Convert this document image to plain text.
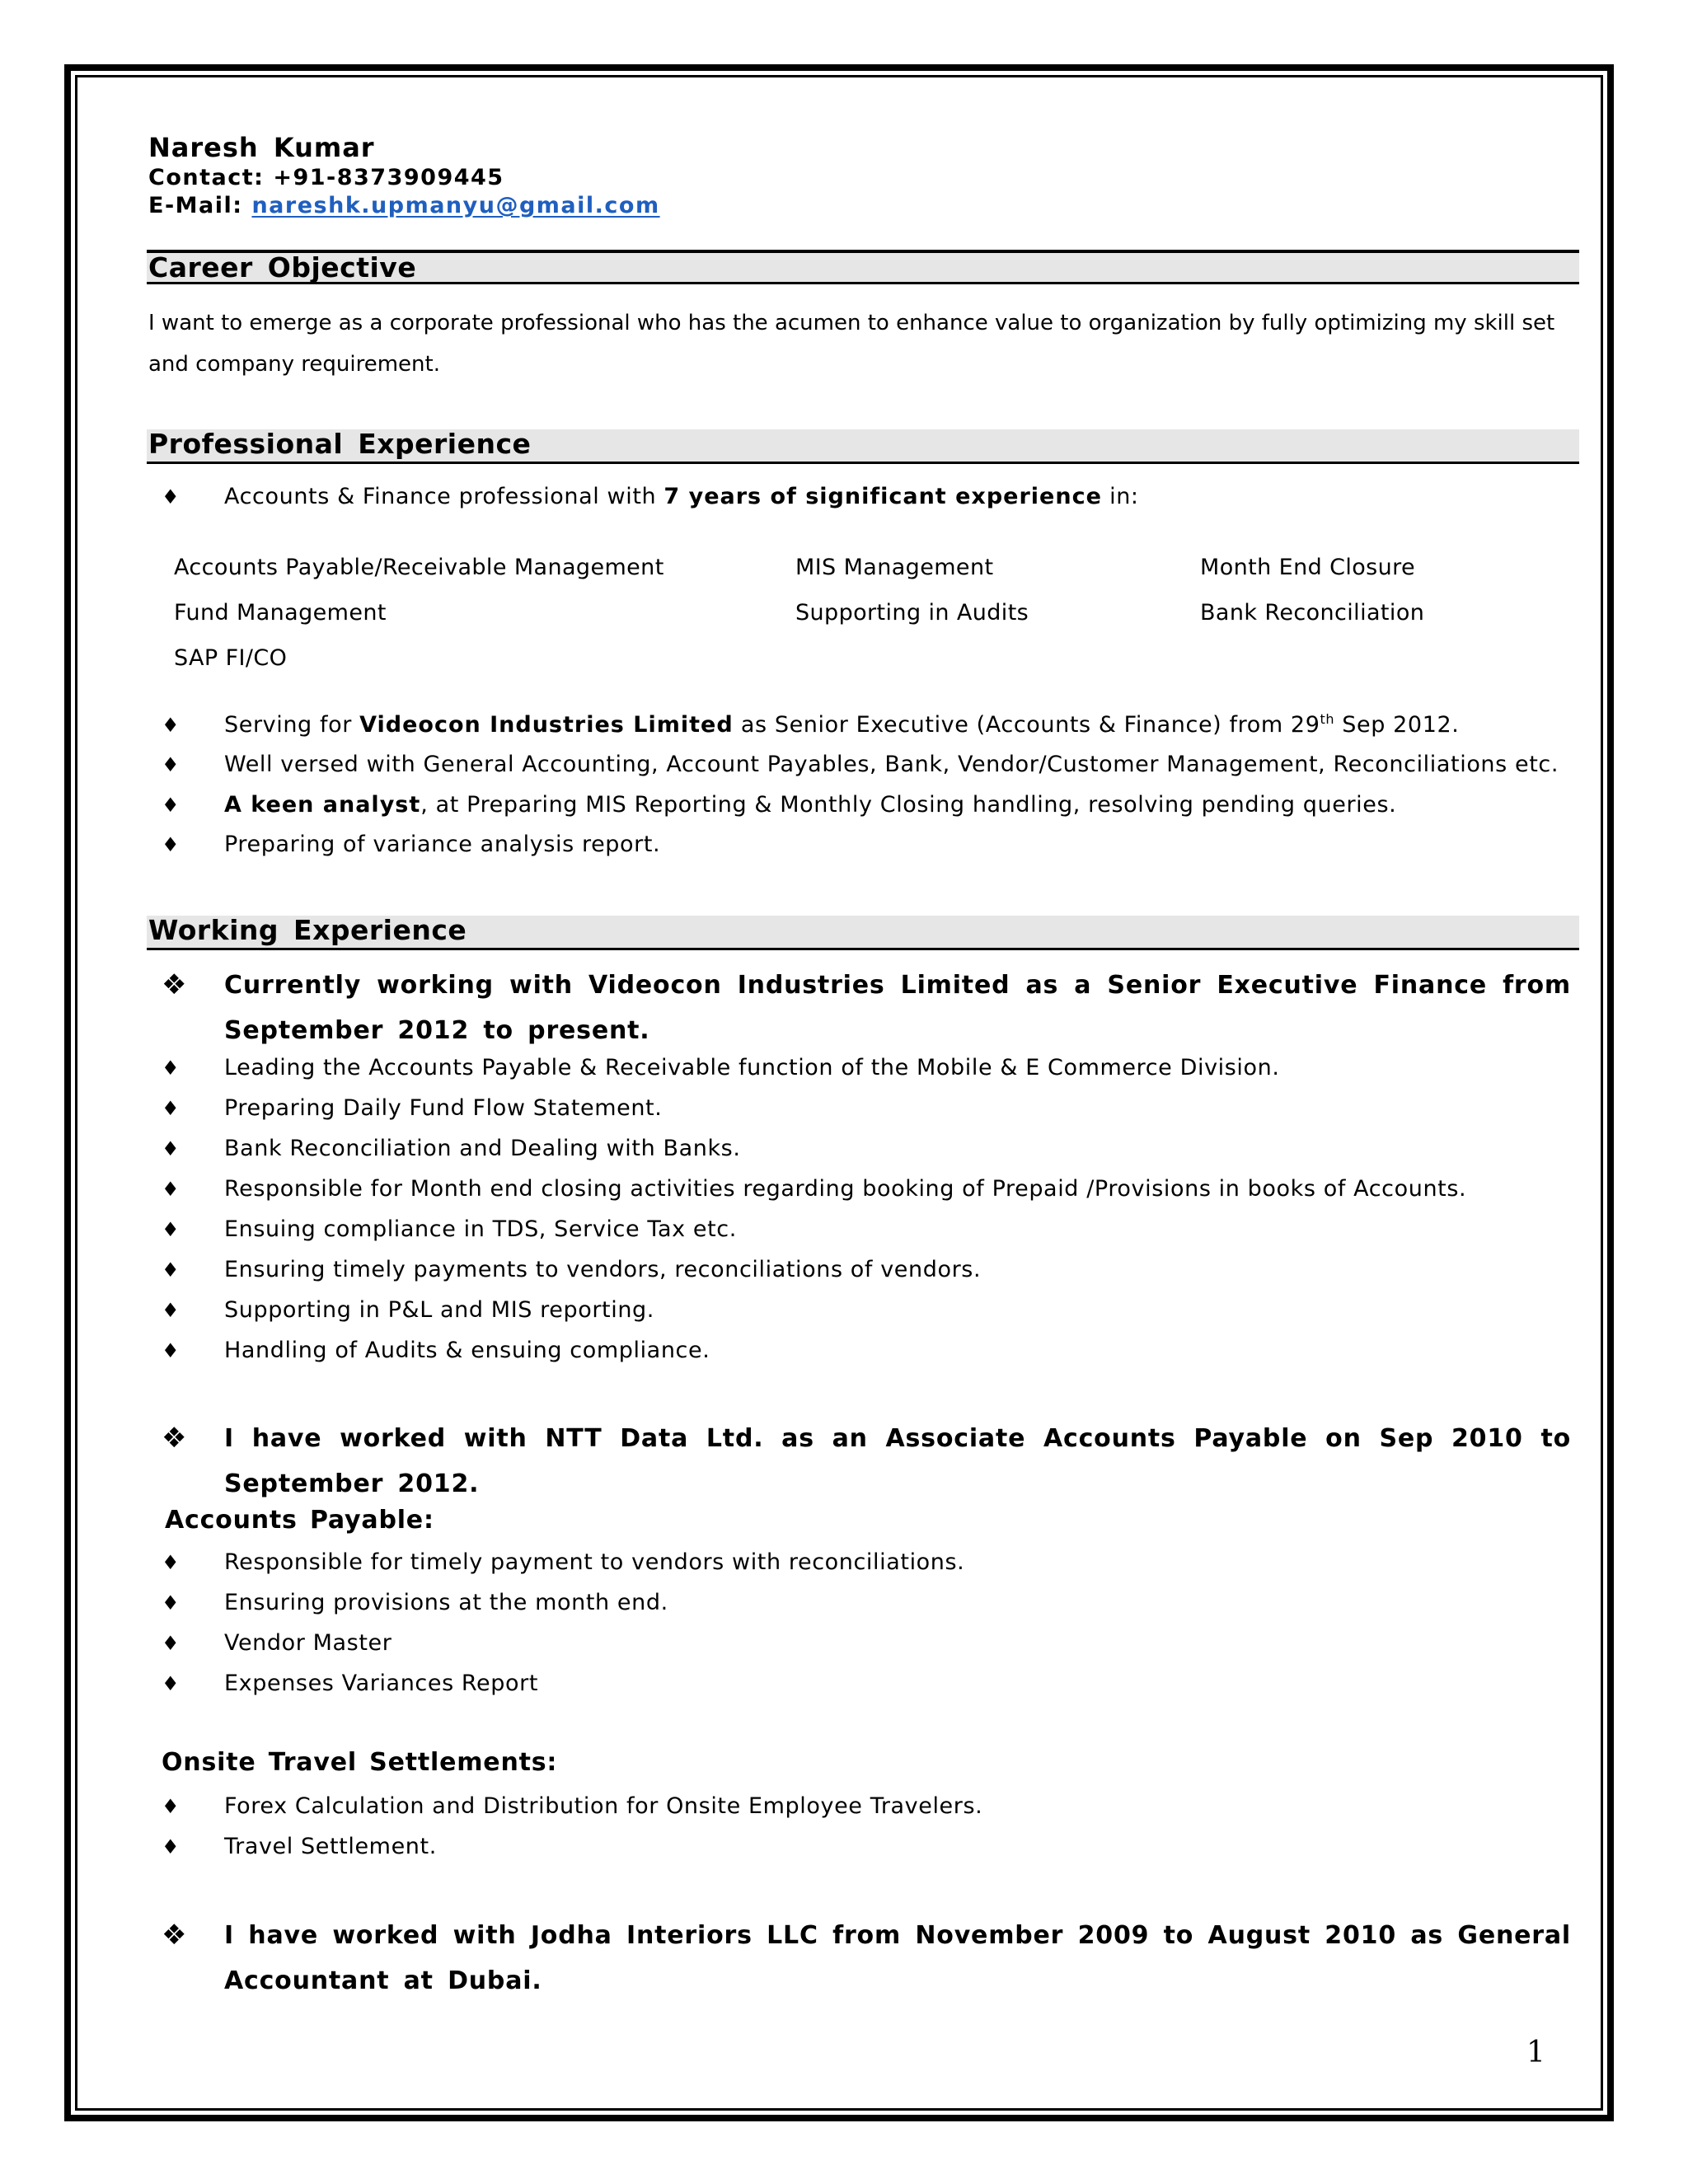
Naresh Kumar
Contact: +91-8373909445
E-Mail: nareshk.upmanyu@gmail.com
Career Objective
I want to emerge as a corporate professional who has the acumen to enhance value to organization by fully optimizing my skill set and company requirement.
Professional Experience
♦ Accounts & Finance professional with 7 years of significant experience in:
Accounts Payable/Receivable Management	MIS Management	Month End Closure
Fund Management	Supporting in Audits	Bank Reconciliation
SAP FI/CO
♦ Serving for Videocon Industries Limited as Senior Executive (Accounts & Finance) from 29th Sep 2012.
♦ Well versed with General Accounting, Account Payables, Bank, Vendor/Customer Management, Reconciliations etc.
♦ A keen analyst, at Preparing MIS Reporting & Monthly Closing handling, resolving pending queries.
♦ Preparing of variance analysis report.
Working Experience
❖ Currently working with Videocon Industries Limited as a Senior Executive Finance from September 2012 to present.
♦ Leading the Accounts Payable & Receivable function of the Mobile & E Commerce Division.
♦ Preparing Daily Fund Flow Statement.
♦ Bank Reconciliation and Dealing with Banks.
♦ Responsible for Month end closing activities regarding booking of Prepaid /Provisions in books of Accounts.
♦ Ensuing compliance in TDS, Service Tax etc.
♦ Ensuring timely payments to vendors, reconciliations of vendors.
♦ Supporting in P&L and MIS reporting.
♦ Handling of Audits & ensuing compliance.
❖ I have worked with NTT Data Ltd. as an Associate Accounts Payable on Sep 2010 to September 2012.
Accounts Payable:
♦ Responsible for timely payment to vendors with reconciliations.
♦ Ensuring provisions at the month end.
♦ Vendor Master
♦ Expenses Variances Report
Onsite Travel Settlements:
♦ Forex Calculation and Distribution for Onsite Employee Travelers.
♦ Travel Settlement.
❖ I have worked with Jodha Interiors LLC from November 2009 to August 2010 as General Accountant at Dubai.
1
